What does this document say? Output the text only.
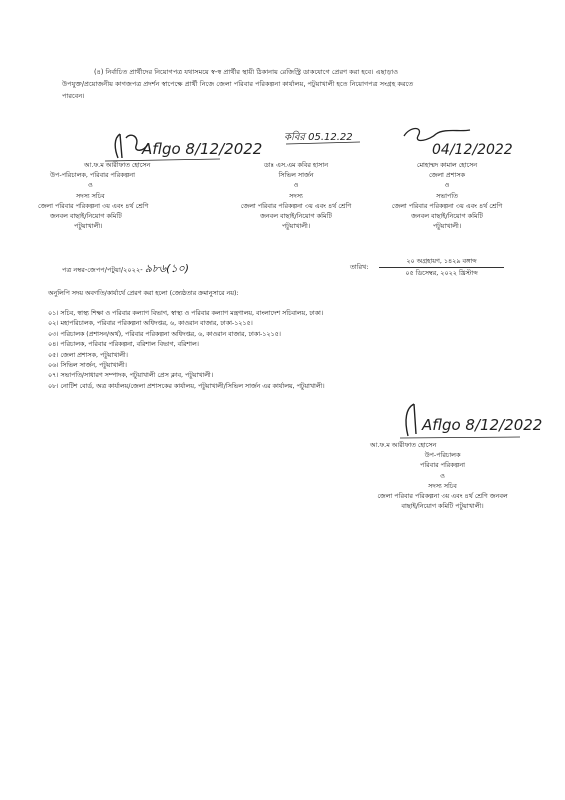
(৪) নির্বাচিত প্রার্থীদের নিয়োগপত্র যথাসময়ে স্ব-স্ব প্রার্থীর স্থায়ী ঠিকানায় রেজিস্ট্রি ডাকযোগে প্রেরণ করা হবে। এছাড়াও
উপযুক্ত/প্রয়োজনীয় কাগজপত্র প্রদর্শন স্বাপেক্ষে প্রার্থী নিজে জেলা পরিবার পরিকল্পনা কার্যালয়, পটুয়াখালী হতে নিয়োগপত্র সংগ্রহ করতে
পারবেন।
Aflgo 8/12/2022
কবির 05.12.22
04/12/2022
আ.ফ.ম আরীফাত হোসেন
উপ-পরিচালক, পরিবার পরিকল্পনা
ও
সদস্য সচিব
জেলা পরিবার পরিকল্পনা ৩য় এবং ৪র্থ শ্রেণি
জনবল বাছাই/নিয়োগ কমিটি
পটুয়াখালী।
ডাঃ এস.এম কবির হাসান
সিভিল সার্জন
ও
সদস্য
জেলা পরিবার পরিকল্পনা ৩য় এবং ৪র্থ শ্রেণি
জনবল বাছাই/নিয়োগ কমিটি
পটুয়াখালী।
মোহাম্মদ কামাল হোসেন
জেলা প্রশাসক
ও
সভাপতি
জেলা পরিবার পরিকল্পনা ৩য় এবং ৪র্থ শ্রেণি
জনবল বাছাই/নিয়োগ কমিটি
পটুয়াখালী।
পত্র নম্বর-জেপপ/পটুয়া/২০২২- ৯৮৬(১০)	তারিখ:
২০ অগ্রহায়ণ, ১৪২৯ বঙ্গাব্দ
০৫ ডিসেম্বর, ২০২২ খ্রিস্টাব্দ
অনুলিপি সদয় অবগতি/কার্যার্থে প্রেরণ করা হলো (জ্যেষ্ঠতার ক্রমানুসারে নয়):
০১। সচিব, স্বাস্থ্য শিক্ষা ও পরিবার কল্যাণ বিভাগ, স্বাস্থ্য ও পরিবার কল্যাণ মন্ত্রণালয়, বাংলাদেশ সচিবালয়, ঢাকা।
০২। মহাপরিচালক, পরিবার পরিকল্পনা অধিদপ্তর, ৬, কাওরান বাজার, ঢাকা-১২১৫।
০৩। পরিচালক (প্রশাসন/অর্থ), পরিবার পরিকল্পনা অধিদপ্তর, ৬, কাওরান বাজার, ঢাকা-১২১৫।
০৪। পরিচালক, পরিবার পরিকল্পনা, বরিশাল বিভাগ, বরিশাল।
০৫। জেলা প্রশাসক, পটুয়াখালী।
০৬। সিভিল সার্জন, পটুয়াখালী।
০৭। সভাপতি/সাধারণ সম্পাদক, পটুয়াখালী প্রেস ক্লাব, পটুয়াখালী।
০৮। নোটিশ বোর্ড, অত্র কার্যালয়/জেলা প্রশাসকের কার্যালয়, পটুয়াখালী/সিভিল সার্জন এর কার্যালয়, পটুয়াখালী।
Aflgo 8/12/2022
আ.ফ.ম আরীফাত হোসেন
উপ-পরিচালক
পরিবার পরিকল্পনা
ও
সদস্য সচিব
জেলা পরিবার পরিকল্পনা ৩য় এবং ৪র্থ শ্রেণি জনবল
বাছাই/নিয়োগ কমিটি পটুয়াখালী।
